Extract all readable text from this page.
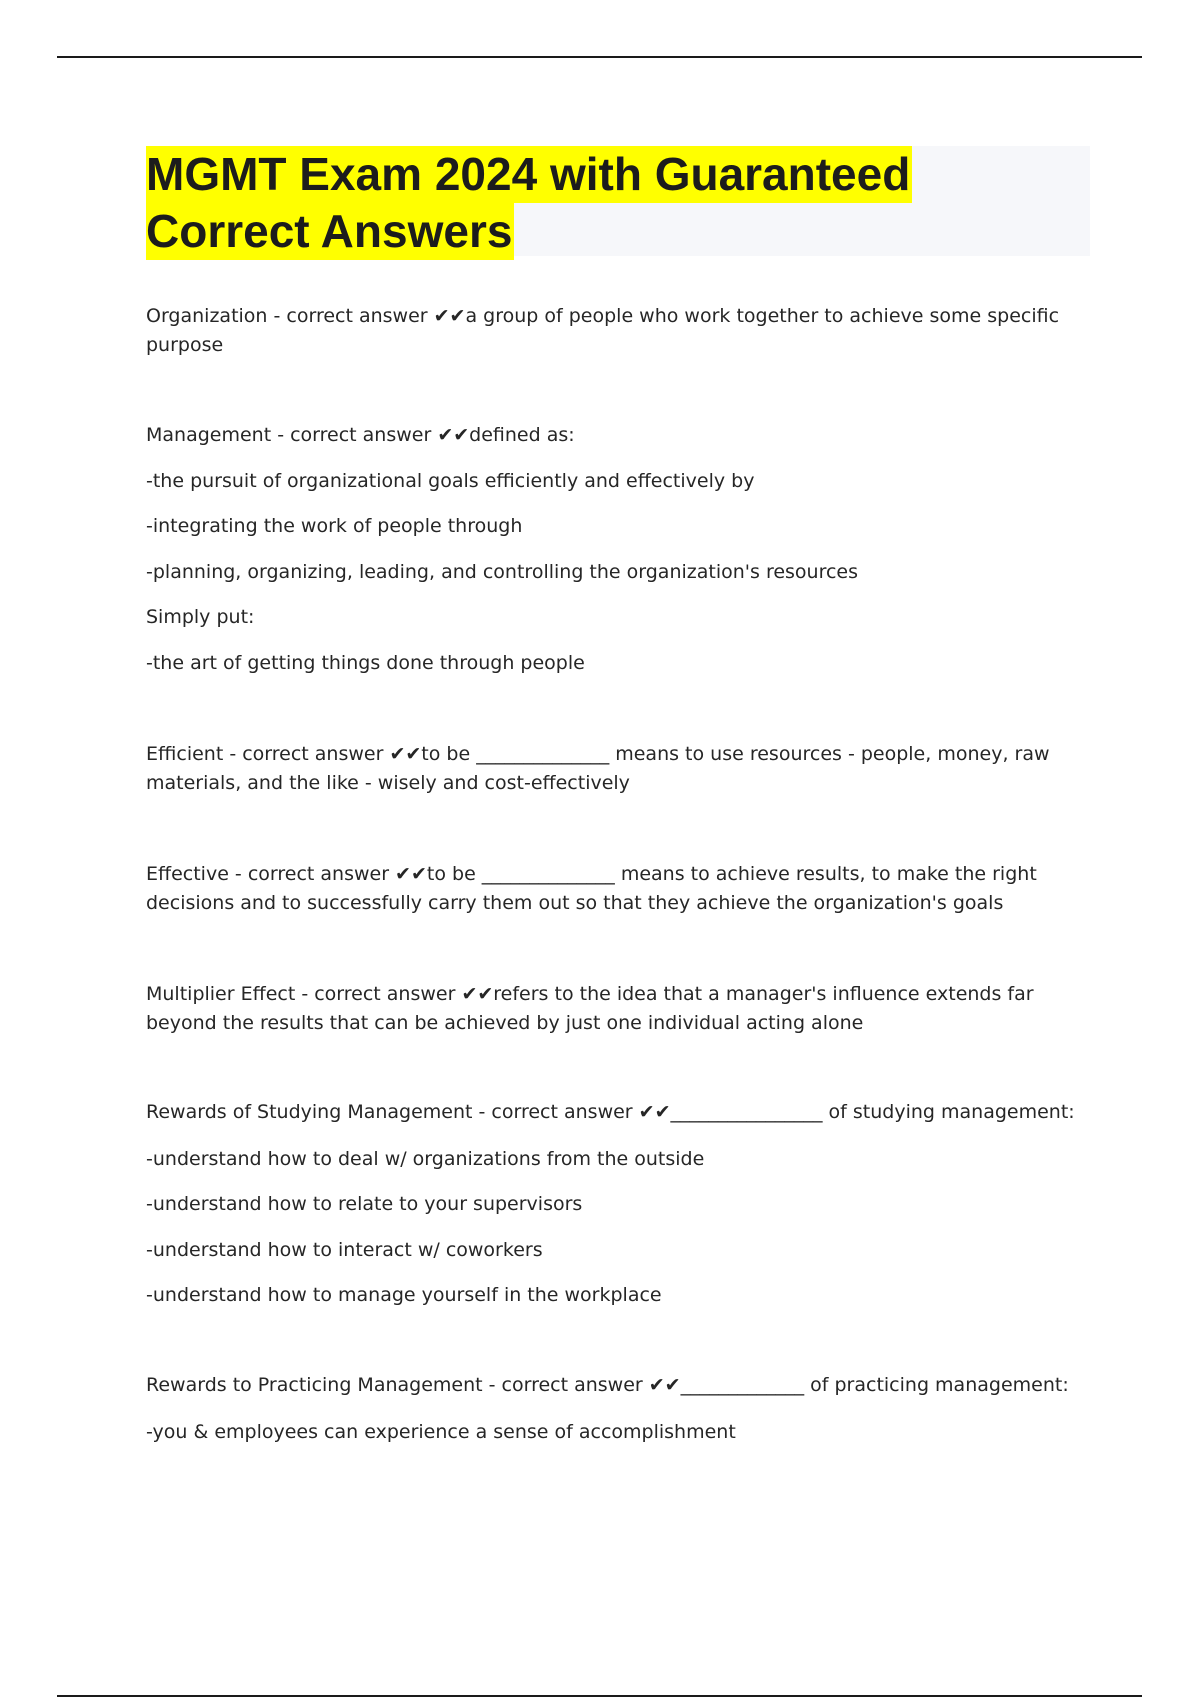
MGMT Exam 2024 with Guaranteed
Correct Answers

Organization - correct answer ✔✔a group of people who work together to achieve some specific purpose

Management - correct answer ✔✔defined as:
-the pursuit of organizational goals efficiently and effectively by
-integrating the work of people through
-planning, organizing, leading, and controlling the organization's resources
Simply put:
-the art of getting things done through people

Efficient - correct answer ✔✔to be ______________ means to use resources - people, money, raw materials, and the like - wisely and cost-effectively

Effective - correct answer ✔✔to be ______________ means to achieve results, to make the right decisions and to successfully carry them out so that they achieve the organization's goals

Multiplier Effect - correct answer ✔✔refers to the idea that a manager's influence extends far beyond the results that can be achieved by just one individual acting alone

Rewards of Studying Management - correct answer ✔✔________________ of studying management:
-understand how to deal w/ organizations from the outside
-understand how to relate to your supervisors
-understand how to interact w/ coworkers
-understand how to manage yourself in the workplace
Rewards to Practicing Management - correct answer ✔✔_____________ of practicing management:
-you & employees can experience a sense of accomplishment
